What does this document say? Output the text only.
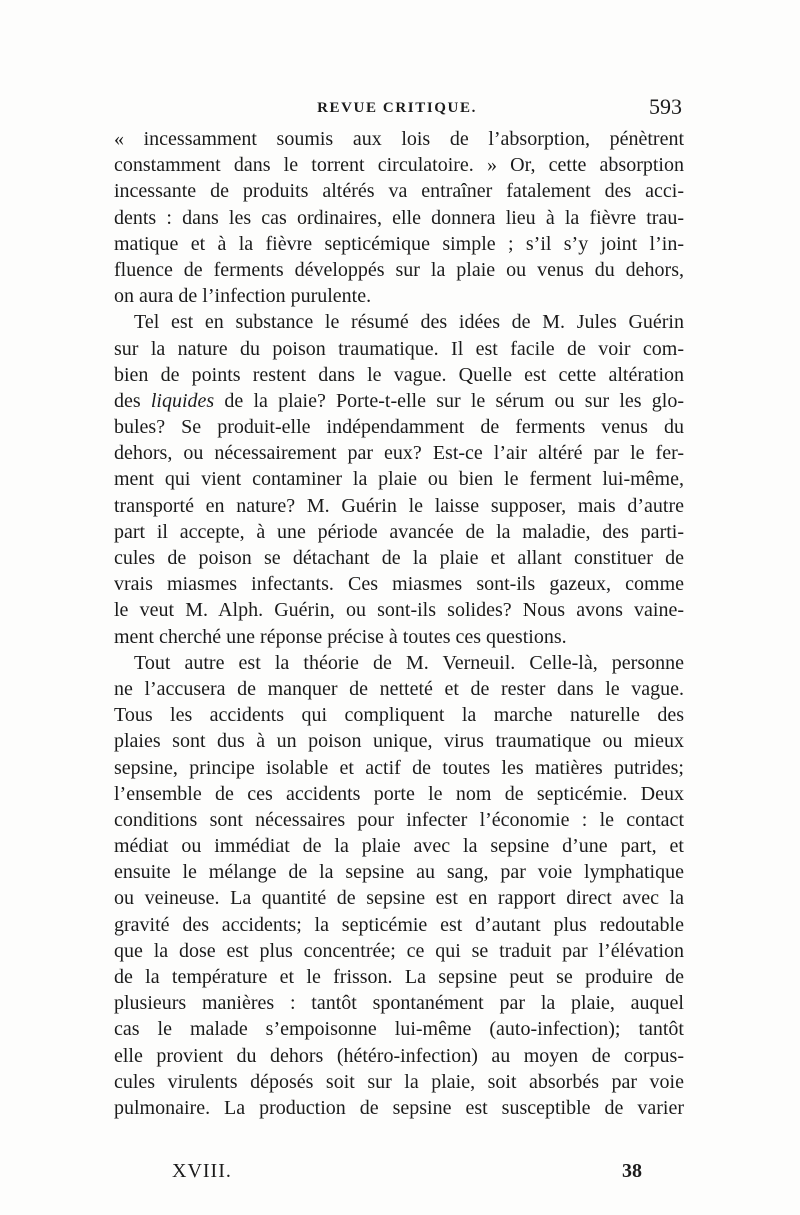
REVUE CRITIQUE.	593
« incessamment soumis aux lois de l’absorption, pénètrent
constamment dans le torrent circulatoire. » Or, cette absorption
incessante de produits altérés va entraîner fatalement des acci-
dents : dans les cas ordinaires, elle donnera lieu à la fièvre trau-
matique et à la fièvre septicémique simple ; s’il s’y joint l’in-
fluence de ferments développés sur la plaie ou venus du dehors,
on aura de l’infection purulente.
Tel est en substance le résumé des idées de M. Jules Guérin
sur la nature du poison traumatique. Il est facile de voir com-
bien de points restent dans le vague. Quelle est cette altération
des liquides de la plaie? Porte-t-elle sur le sérum ou sur les glo-
bules? Se produit-elle indépendamment de ferments venus du
dehors, ou nécessairement par eux? Est-ce l’air altéré par le fer-
ment qui vient contaminer la plaie ou bien le ferment lui-même,
transporté en nature? M. Guérin le laisse supposer, mais d’autre
part il accepte, à une période avancée de la maladie, des parti-
cules de poison se détachant de la plaie et allant constituer de
vrais miasmes infectants. Ces miasmes sont-ils gazeux, comme
le veut M. Alph. Guérin, ou sont-ils solides? Nous avons vaine-
ment cherché une réponse précise à toutes ces questions.
Tout autre est la théorie de M. Verneuil. Celle-là, personne
ne l’accusera de manquer de netteté et de rester dans le vague.
Tous les accidents qui compliquent la marche naturelle des
plaies sont dus à un poison unique, virus traumatique ou mieux
sepsine, principe isolable et actif de toutes les matières putrides;
l’ensemble de ces accidents porte le nom de septicémie. Deux
conditions sont nécessaires pour infecter l’économie : le contact
médiat ou immédiat de la plaie avec la sepsine d’une part, et
ensuite le mélange de la sepsine au sang, par voie lymphatique
ou veineuse. La quantité de sepsine est en rapport direct avec la
gravité des accidents; la septicémie est d’autant plus redoutable
que la dose est plus concentrée; ce qui se traduit par l’élévation
de la température et le frisson. La sepsine peut se produire de
plusieurs manières : tantôt spontanément par la plaie, auquel
cas le malade s’empoisonne lui-même (auto-infection); tantôt
elle provient du dehors (hétéro-infection) au moyen de corpus-
cules virulents déposés soit sur la plaie, soit absorbés par voie
pulmonaire. La production de sepsine est susceptible de varier
XVIII.	38
